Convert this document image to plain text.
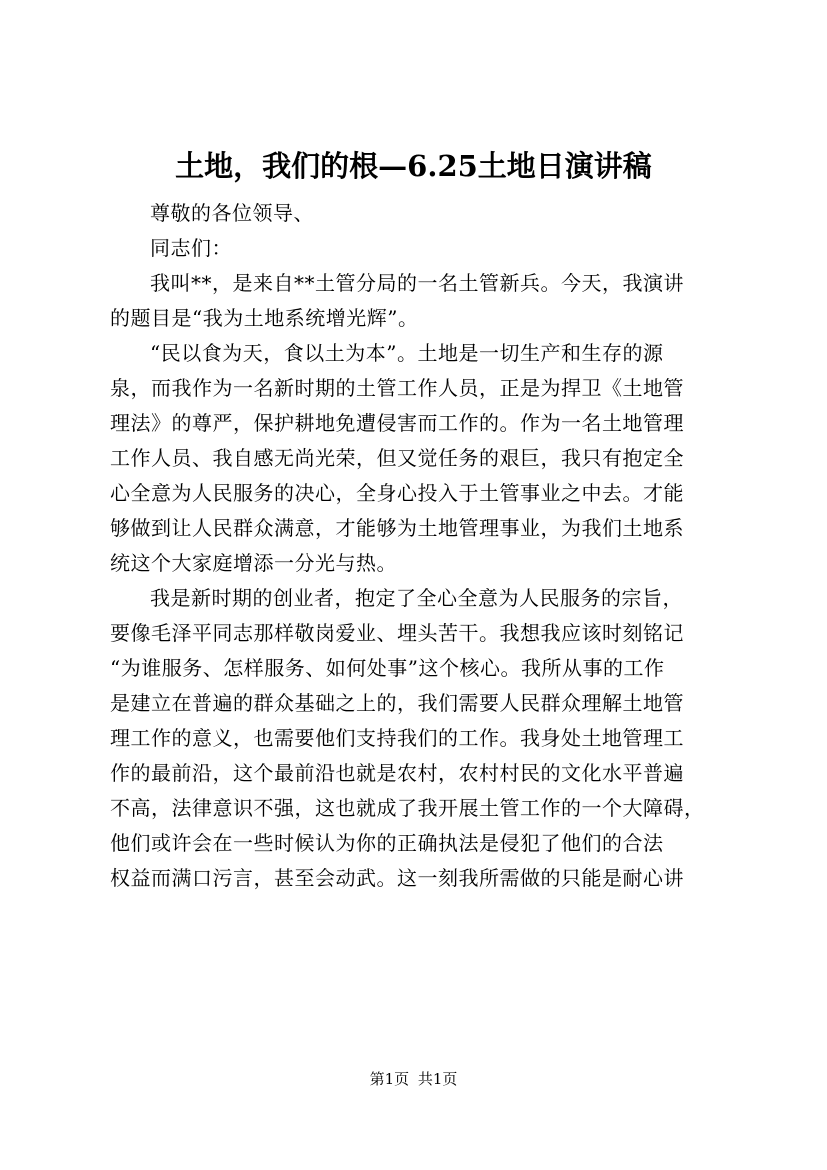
土地，我们的根—6.25土地日演讲稿
尊敬的各位领导、
同志们：
我叫**，是来自**土管分局的一名土管新兵。今天，我演讲
的题目是“我为土地系统增光辉”。
“民以食为天，食以土为本”。土地是一切生产和生存的源
泉，而我作为一名新时期的土管工作人员，正是为捍卫《土地管
理法》的尊严，保护耕地免遭侵害而工作的。作为一名土地管理
工作人员、我自感无尚光荣，但又觉任务的艰巨，我只有抱定全
心全意为人民服务的决心，全身心投入于土管事业之中去。才能
够做到让人民群众满意，才能够为土地管理事业，为我们土地系
统这个大家庭增添一分光与热。
我是新时期的创业者，抱定了全心全意为人民服务的宗旨，
要像毛泽平同志那样敬岗爱业、埋头苦干。我想我应该时刻铭记
“为谁服务、怎样服务、如何处事”这个核心。我所从事的工作
是建立在普遍的群众基础之上的，我们需要人民群众理解土地管
理工作的意义，也需要他们支持我们的工作。我身处土地管理工
作的最前沿，这个最前沿也就是农村，农村村民的文化水平普遍
不高，法律意识不强，这也就成了我开展土管工作的一个大障碍，
他们或许会在一些时候认为你的正确执法是侵犯了他们的合法
权益而满口污言，甚至会动武。这一刻我所需做的只能是耐心讲
第1页 共1页
